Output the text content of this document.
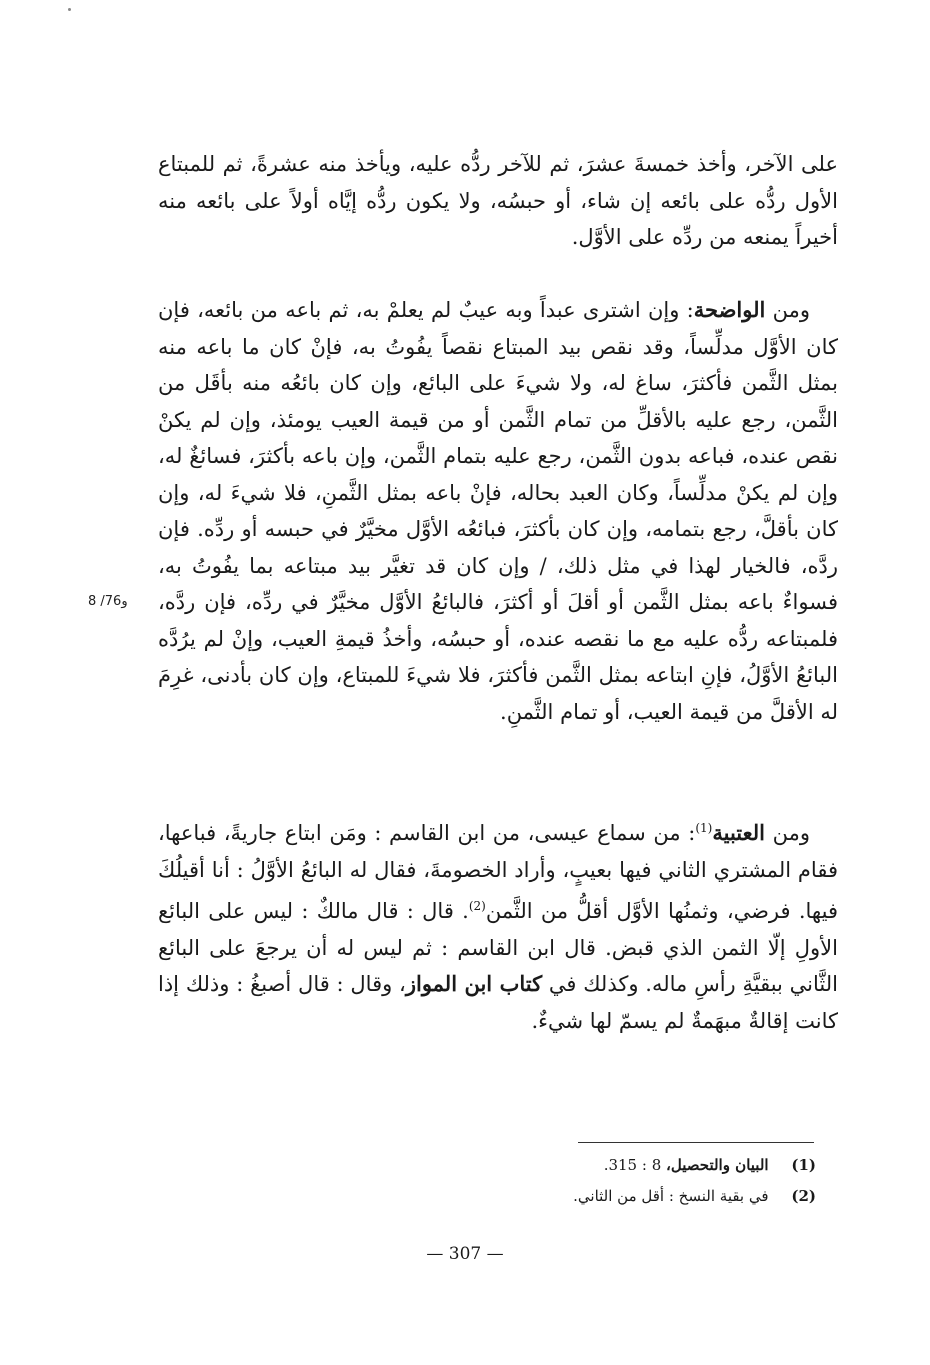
على الآخر، وأخذ خمسةَ عشرَ، ثم للآخر ردُّه عليه، ويأخذ منه عشرةً، ثم للمبتاع الأول ردُّه على بائعه إن شاء، أو حبسُه، ولا يكون ردُّه إيَّاه أولاً على بائعه منه أخيراً يمنعه من ردِّه على الأوَّل.

ومن الواضحة: وإن اشترى عبداً وبه عيبٌ لم يعلمْ به، ثم باعه من بائعه، فإن كان الأوَّل مدلِّساً، وقد نقص بيد المبتاع نقصاً يفُوتُ به، فإنْ كان ما باعه منه بمثل الثَّمن فأكثرَ، ساغ له، ولا شيءَ على البائع، وإن كان بائعُه منه بأقَل من الثَّمن، رجع عليه بالأقلِّ من تمام الثَّمن أو من قيمة العيب يومئذ، وإن لم يكنْ نقص عنده، فباعه بدون الثَّمن، رجع عليه بتمام الثَّمن، وإن باعه بأكثرَ، فسائغٌ له، وإن لم يكنْ مدلِّساً، وكان العبد بحاله، فإنْ باعه بمثل الثَّمنِ، فلا شيءَ له، وإن كان بأقلَّ، رجع بتمامه، وإن كان بأكثرَ، فبائعُه الأوَّل مخيَّرٌ في حبسه أو ردِّه. فإن ردَّه، فالخيار لهذا في مثل ذلك، / وإن كان قد تغيَّر بيد مبتاعه بما يفُوتُ به، فسواءٌ باعه بمثل الثَّمن أو أقلَ أو أكثرَ، فالبائعُ الأوَّل مخيَّرٌ في ردِّه، فإن ردَّه، فلمبتاعه ردُّه عليه مع ما نقصه عنده، أو حبسُه، وأخذُ قيمةِ العيب، وإنْ لم يرُدَّه البائعُ الأوَّلُ، فإنِ ابتاعه بمثل الثَّمن فأكثرَ، فلا شيءَ للمبتاع، وإن كان بأدنى، غرِمَ له الأقلَّ من قيمة العيب، أو تمام الثَّمنِ.

8 /76و

ومن العتبية$^{(1)}$: من سماع عيسى، من ابن القاسم : ومَن ابتاع جاريةً، فباعها، فقام المشتري الثاني فيها بعيبٍ، وأراد الخصومةَ، فقال له البائعُ الأوَّلُ : أنا أقيلُكَ فيها. فرضي، وثمنُها الأوَّل أقلُّ من الثَّمن$^{(2)}$. قال : قال مالكٌ : ليس على البائع الأولِ إلّا الثمن الذي قبض. قال ابن القاسم : ثم ليس له أن يرجعَ على البائع الثَّاني ببقيَّةِ رأسِ ماله. وكذلك في كتاب ابن المواز، وقال : قال أصبغُ : وذلك إذا كانت إقالةٌ مبهَمةٌ لم يسمّ لها شيءٌ.

(1) البيان والتحصيل، 8 : 315.
(2) في بقية النسخ : أقل من الثاني.
— 307 —
